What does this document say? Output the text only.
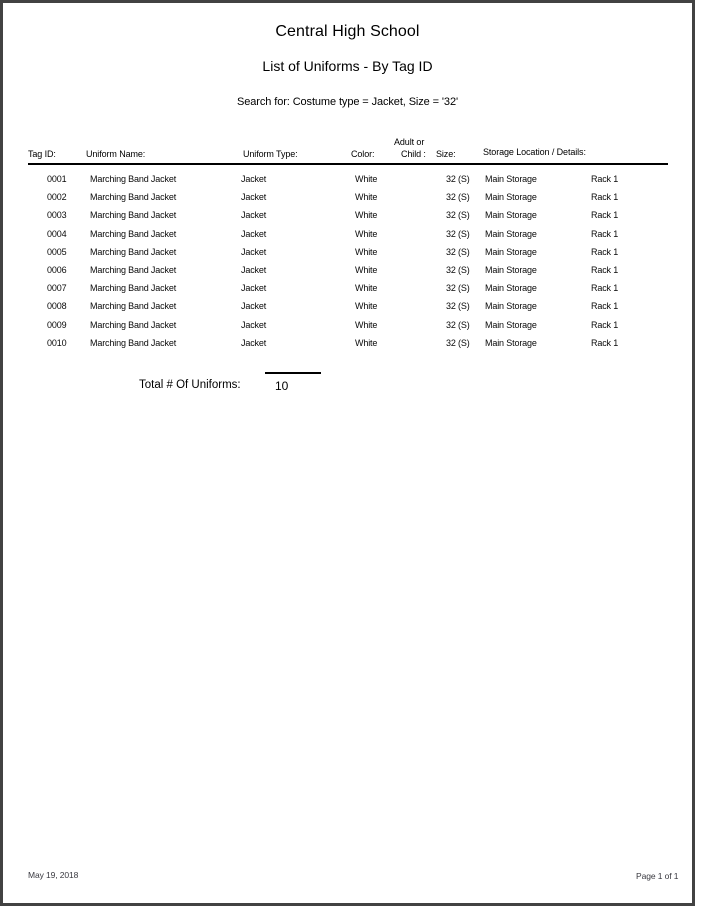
Central High School
List of Uniforms - By Tag ID
Search for: Costume type = Jacket, Size = '32'
Tag ID:	Uniform Name:	Uniform Type:	Color:
Adult or
Child : Size:	Storage Location / Details:
0001	Marching Band Jacket	Jacket	White	32 (S) Main Storage	Rack 1
0002	Marching Band Jacket	Jacket	White	32 (S) Main Storage	Rack 1
0003	Marching Band Jacket	Jacket	White	32 (S) Main Storage	Rack 1
0004	Marching Band Jacket	Jacket	White	32 (S) Main Storage	Rack 1
0005	Marching Band Jacket	Jacket	White	32 (S) Main Storage	Rack 1
0006	Marching Band Jacket	Jacket	White	32 (S) Main Storage	Rack 1
0007	Marching Band Jacket	Jacket	White	32 (S) Main Storage	Rack 1
0008	Marching Band Jacket	Jacket	White	32 (S) Main Storage	Rack 1
0009	Marching Band Jacket	Jacket	White	32 (S) Main Storage	Rack 1
0010	Marching Band Jacket	Jacket	White	32 (S) Main Storage	Rack 1
Total # Of Uniforms:	10
May 19, 2018	Page 1 of 1
